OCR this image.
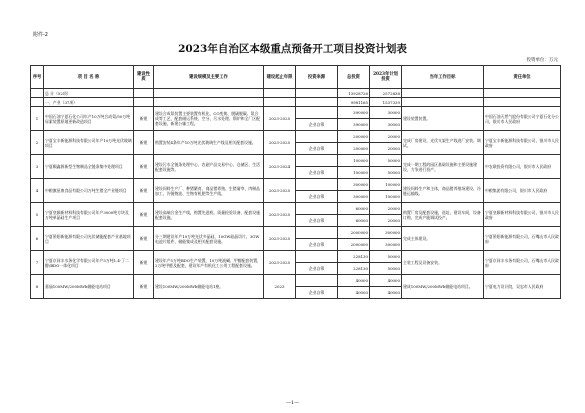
附件-2
2023年自治区本级重点预备开工项目投资计划表
投资单位：万元
序号	项 目 名 称	建设性质	建设规模及主要工作	建设起止年限	投资来源	总投资	2023年计划投资	当年工作目标	责任单位
	总 计（52项）					13928726	2572838		
	一、产业（37项）					9981165	1537339		
1	中国石油宁夏石化公司年产10万吨合成氨/50万吨尿素装置原地更新改造项目	新建	建设合成氨装置主要装置有机化、CO变换、脱硫脱碳、氨合成等工艺，配套储运系统、空分、污水处理、锅炉和全厂区配套设施，新建公辅工程。	2023-2025		390000	30000	建设装置装置。	中国石油天然气股份有限公司宁夏石化分公司，银川市人民政府
					企业自筹	390000	30000		
2	宁夏宝丰新能源科技有限公司年产10万吨光伏玻璃项目	新建	购置安装4条年产10万吨光伏玻璃生产线及相关配套设施。	2023-2025		200000	20000	完成厂房建设，光伏支架生产线进厂安装、调试。	宁夏宝丰新能源科技有限公司，银川市人民政府
					企业自筹	200000	20000		
3	宁夏顺鑫源新型生物制品全链条集中处理项目	新建	建设污水全链条处理中心、农副产品交易中心、仓储区、生活配套设施等。	2023-2024		100000	50000	完成一期工程的园区基础设施和主要设施建设，力争进行投产。	中农联投资有限公司，银川市人民政府
					企业自筹	100000	50000		
4	中粮旗星康食品有限公司万吨生猪全产业链项目	新建	建设饲料生产厂、种猪繁育、商品猪养殖、生猪屠宰、肉制品加工、冷链物流、生物有机肥等生产线。	2023-2025		300000	100000	建设饲料生产和主体，商品猪养殖场建设、冷链运输线。	中粮集团有限公司，银川市人民政府
					企业自筹	300000	100000		
5	宁夏皇颐新材料科技有限公司年产3000吨方块及万吨单晶硅生产项目	新建	建设高端合金生产线，购置先进机，质量检验设备，配套设施配套设施。	2023-2025		60000	20000	购置厂房及配套设施，选址，建设车间，设备订购，完成产能调试投产。	宁夏皇颐新材料科技有限公司，银川市人民政府
					企业自筹	60000	20000		
6	宁夏景阳新能源有限公司光伏储能配套产业基地项目	新建	分三期建设年产10万吨光伏多晶硅、10GW硅晶切片，3GW电池片组件、储能集成及相关配套设施。	2023-2025		2000000	300000	完成主体建设。	宁夏景阳新能源有限公司，石嘴山市人民政府
					企业自筹	2000000	300000		
7	宁夏京同丰水务化学有限公司年产5万吨1,4-丁二醇/BDO一体化项目	新建	建设年产5万吨BDO生产装置，10万吨液碱、甲醇配套装置，2万吨甲醛及配套，建设年产有机化工公用工程配套设施。	2023-2025		228130	50000	主装工程及设备安装。	宁夏京同丰水务有限公司，石嘴山市人民政府
					企业自筹	228130	50000		
8	嘉庙100MW/200MWh储能电站项目	新建	建设100MW/200MWh储能电站1座。	2023		40000	40000	建成100MW/200MWh储能电站项目。	宁夏电力设计院，吴忠市人民政府
					企业自筹	40000	40000		
—1—
